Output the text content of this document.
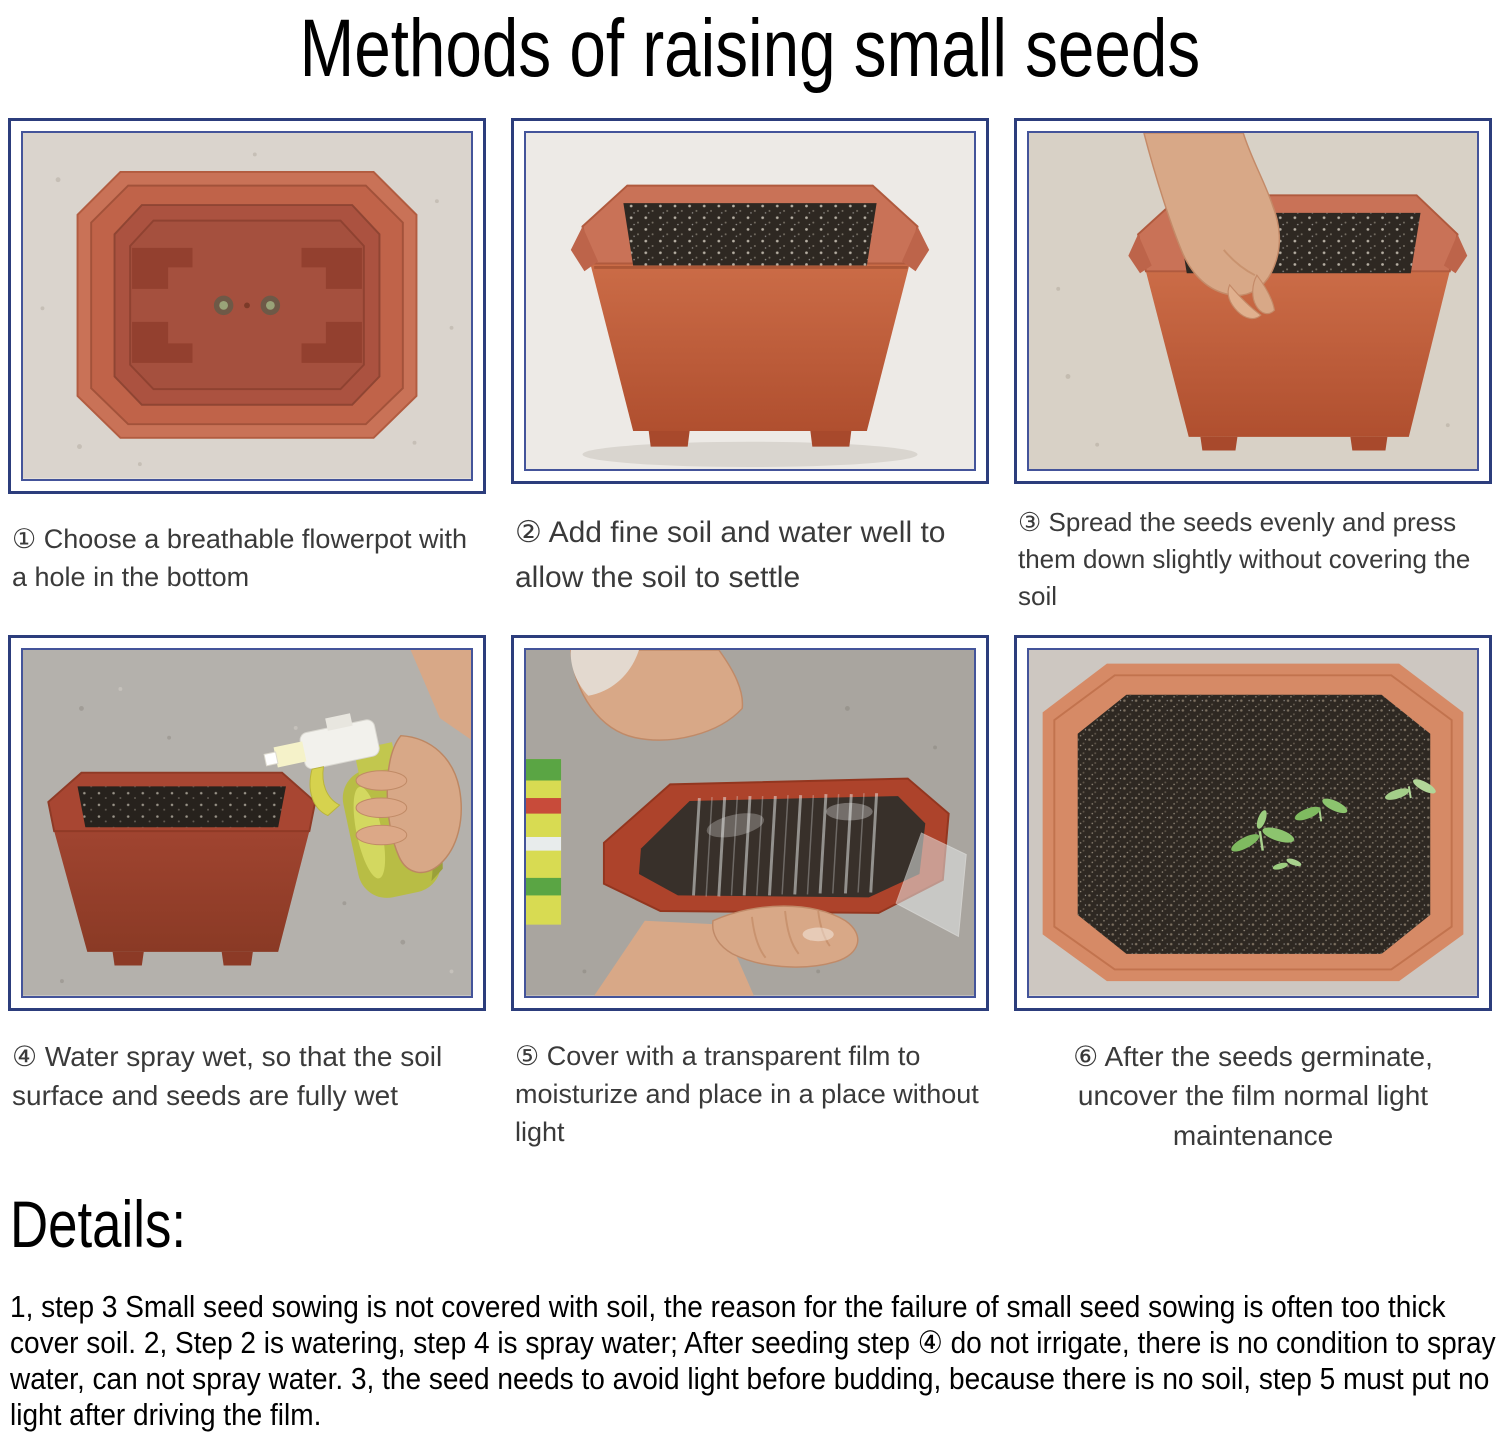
Methods of raising small seeds

① Choose a breathable flowerpot with a hole in the bottom

② Add fine soil and water well to allow the soil to settle

③ Spread the seeds evenly and press them down slightly without covering the soil

④ Water spray wet, so that the soil surface and seeds are fully wet

⑤ Cover with a transparent film to moisturize and place in a place without light

⑥ After the seeds germinate, uncover the film normal light maintenance

Details:

1, step 3 Small seed sowing is not covered with soil, the reason for the failure of small seed sowing is often too thick cover soil. 2, Step 2 is watering, step 4 is spray water; After seeding step ④ do not irrigate, there is no condition to spray water, can not spray water. 3, the seed needs to avoid light before budding, because there is no soil, step 5 must put no light after driving the film.
